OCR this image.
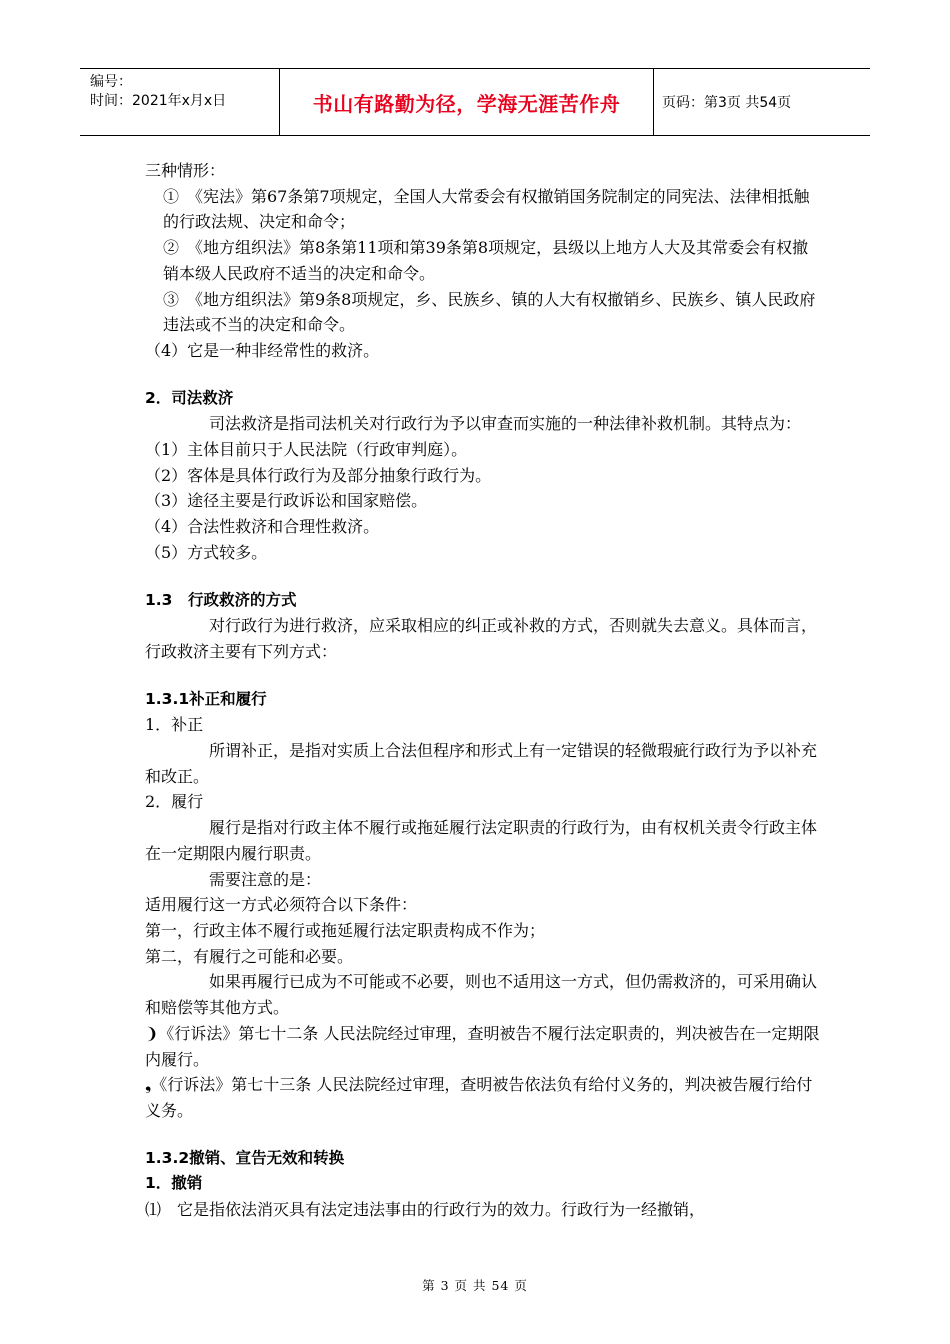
编号：
时间：2021年x月x日	书山有路勤为径，学海无涯苦作舟	页码：第3页 共54页

三种情形：

①　《宪法》第67条第7项规定，全国人大常委会有权撤销国务院制定的同宪法、法律相抵触的行政法规、决定和命令；

②　《地方组织法》第8条第11项和第39条第8项规定，县级以上地方人大及其常委会有权撤销本级人民政府不适当的决定和命令。

③　《地方组织法》第9条8项规定，乡、民族乡、镇的人大有权撤销乡、民族乡、镇人民政府违法或不当的决定和命令。

（4）它是一种非经常性的救济。

2．司法救济

司法救济是指司法机关对行政行为予以审查而实施的一种法律补救机制。其特点为：

（1）主体目前只于人民法院（行政审判庭）。

（2）客体是具体行政行为及部分抽象行政行为。

（3）途径主要是行政诉讼和国家赔偿。

（4）合法性救济和合理性救济。

（5）方式较多。

1.3　行政救济的方式

对行政行为进行救济，应采取相应的纠正或补救的方式，否则就失去意义。具体而言，行政救济主要有下列方式：

1.3.1补正和履行

1．补正

所谓补正，是指对实质上合法但程序和形式上有一定错误的轻微瑕疵行政行为予以补充和改正。

2．履行

履行是指对行政主体不履行或拖延履行法定职责的行政行为，由有权机关责令行政主体在一定期限内履行职责。

需要注意的是：

适用履行这一方式必须符合以下条件：

第一，行政主体不履行或拖延履行法定职责构成不作为；

第二，有履行之可能和必要。

如果再履行已成为不可能或不必要，则也不适用这一方式，但仍需救济的，可采用确认和赔偿等其他方式。

❩《行诉法》第七十二条 人民法院经过审理，查明被告不履行法定职责的，判决被告在一定期限内履行。

❟《行诉法》第七十三条 人民法院经过审理，查明被告依法负有给付义务的，判决被告履行给付义务。

1.3.2撤销、宣告无效和转换

1．撤销

⑴　它是指依法消灭具有法定违法事由的行政行为的效力。行政行为一经撤销，

第 3 页 共 54 页
